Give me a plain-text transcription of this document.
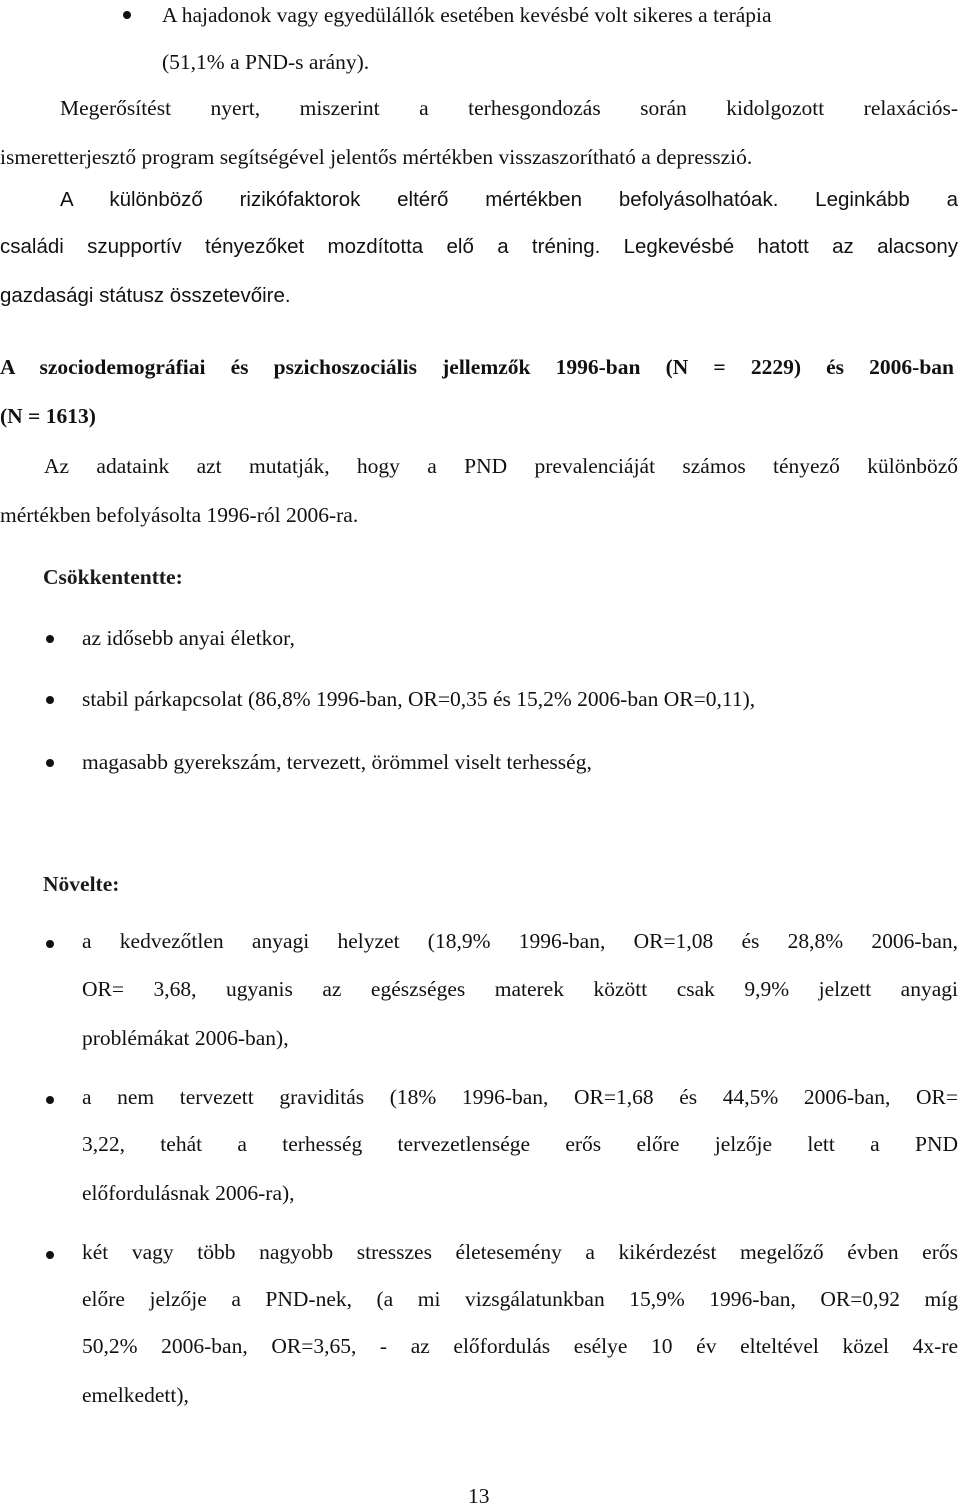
A hajadonok vagy egyedülállók esetében kevésbé volt sikeres a terápia
(51,1% a PND-s arány).
Megerősítést nyert, miszerint a terhesgondozás során kidolgozott relaxációs-
ismeretterjesztő program segítségével jelentős mértékben visszaszorítható a depresszió.
A különböző rizikófaktorok eltérő mértékben befolyásolhatóak. Leginkább a
családi szupportív tényezőket mozdította elő a tréning. Legkevésbé hatott az alacsony
gazdasági státusz összetevőire.
A szociodemográfiai és pszichoszociális jellemzők 1996-ban (N = 2229) és 2006-ban
(N = 1613)
Az adataink azt mutatják, hogy a PND prevalenciáját számos tényező különböző
mértékben befolyásolta 1996-ról 2006-ra.
Csökkententte:
az idősebb anyai életkor,
stabil párkapcsolat (86,8% 1996-ban, OR=0,35 és 15,2% 2006-ban OR=0,11),
magasabb gyerekszám, tervezett, örömmel viselt terhesség,
Növelte:
a kedvezőtlen anyagi helyzet (18,9% 1996-ban, OR=1,08 és 28,8% 2006-ban,
OR= 3,68, ugyanis az egészséges materek között csak 9,9% jelzett anyagi
problémákat 2006-ban),
a nem tervezett graviditás (18% 1996-ban, OR=1,68 és 44,5% 2006-ban, OR=
3,22, tehát a terhesség tervezetlensége erős előre jelzője lett a PND
előfordulásnak 2006-ra),
két vagy több nagyobb stresszes életesemény a kikérdezést megelőző évben erős
előre jelzője a PND-nek, (a mi vizsgálatunkban 15,9% 1996-ban, OR=0,92 míg
50,2% 2006-ban, OR=3,65, - az előfordulás esélye 10 év elteltével közel 4x-re
emelkedett),
13
